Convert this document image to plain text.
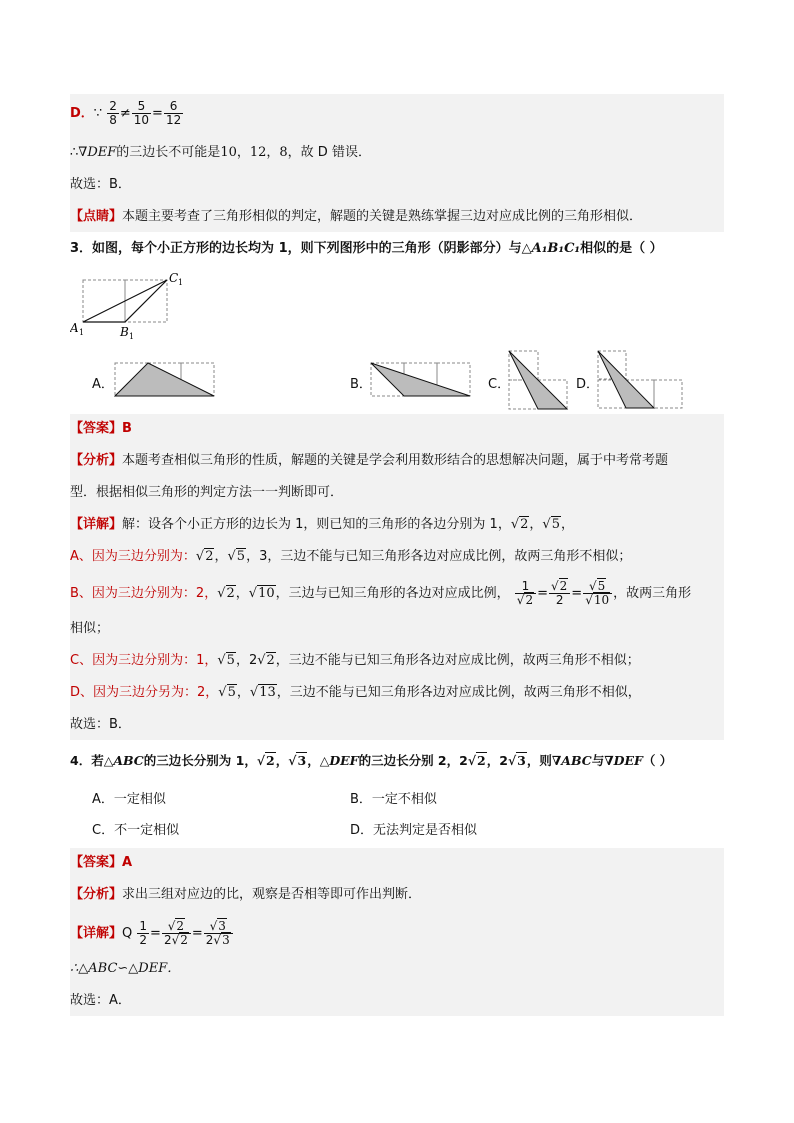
D．∵ $\frac{2}{8} \ne \frac{5}{10} = \frac{6}{12}$
∴∇DEF的三边长不可能是10，12，8，故 D 错误．
故选：B．
【点睛】本题主要考查了三角形相似的判定，解题的关键是熟练掌握三边对应成比例的三角形相似．
3．如图，每个小正方形的边长均为 1，则下列图形中的三角形（阴影部分）与△A₁B₁C₁相似的是（ ）
A 1	B 1
C 1
A．	B．	C．	D．
【答案】B
【分析】本题考查相似三角形的性质，解题的关键是学会利用数形结合的思想解决问题，属于中考常考题
型．根据相似三角形的判定方法一一判断即可．
【详解】解：设各个小正方形的边长为 1，则已知的三角形的各边分别为 1，√2，√5，
A、因为三边分别为：√2，√5，3，三边不能与已知三角形各边对应成比例，故两三角形不相似；
B、因为三边分别为：2，√2，√10，三边与已知三角形的各边对应成比例， $\frac{1}{√2} = \frac{√2}{2} = \frac{√5}{√10}$ ，故两三角形
相似；
C、因为三边分别为：1，√5，2√2，三边不能与已知三角形各边对应成比例，故两三角形不相似；
D、因为三边分另为：2，√5，√13，三边不能与已知三角形各边对应成比例，故两三角形不相似，
故选：B．
4．若△ABC的三边长分别为 1，√2，√3，△DEF的三边长分别 2，2√2，2√3，则∇ABC与∇DEF（ ）
A．一定相似	B．一定不相似
C．不一定相似	D．无法判定是否相似
【答案】A
【分析】求出三组对应边的比，观察是否相等即可作出判断．
【详解】Q $\frac{1}{2} = \frac{√2}{2√2} = \frac{√3}{2√3}$
∴△ABC∽△DEF．
故选：A．
